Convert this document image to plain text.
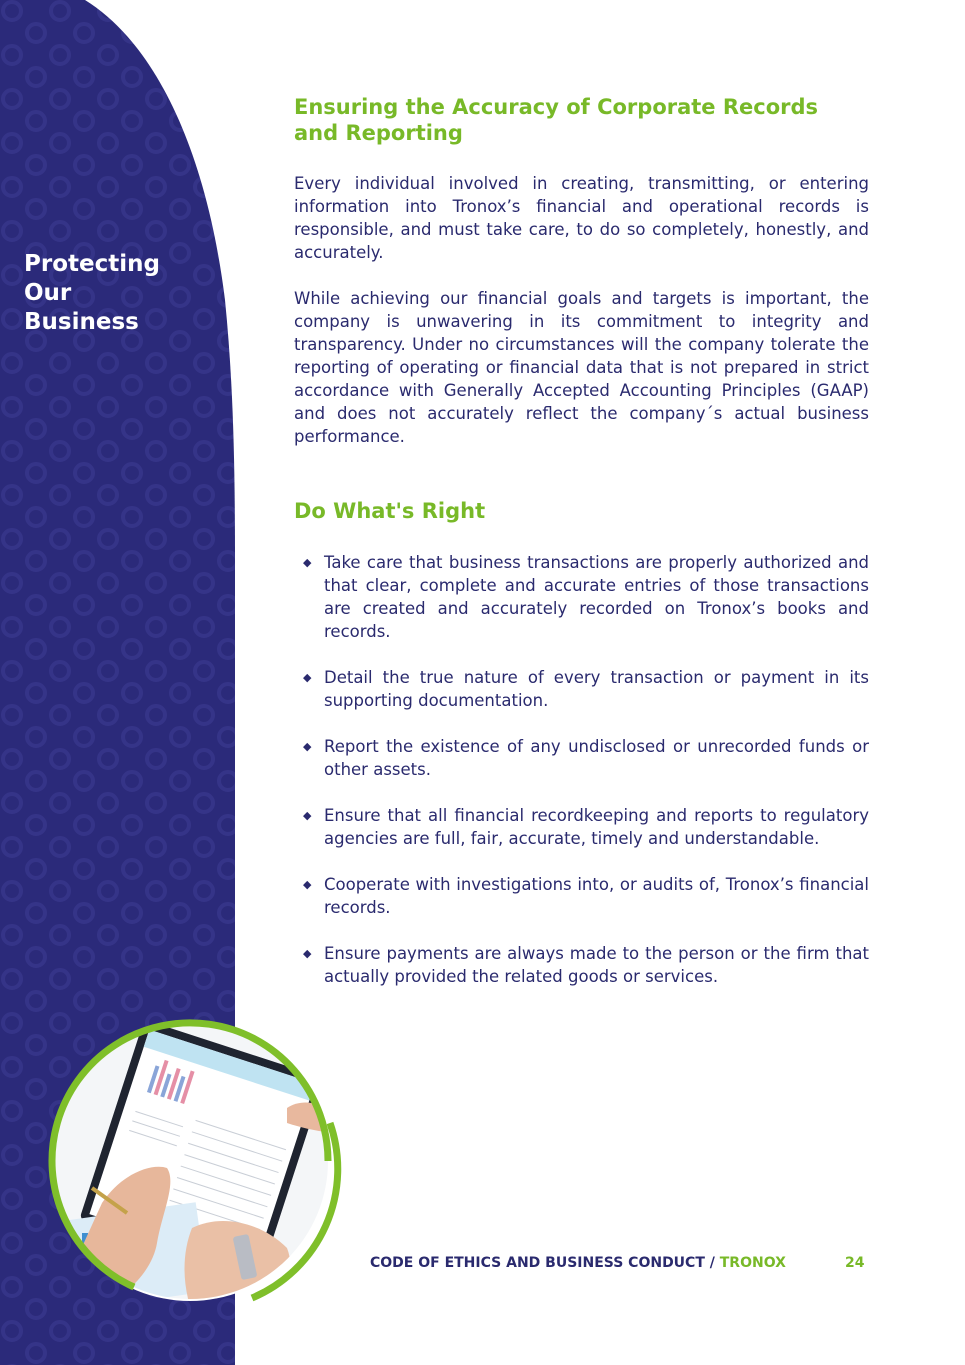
Protecting
Our
Business
Ensuring the Accuracy of Corporate Records and Reporting

Every individual involved in creating, transmitting, or entering information into Tronox’s financial and operational records is responsible, and must take care, to do so completely, honestly, and accurately.

While achieving our financial goals and targets is important, the company is unwavering in its commitment to integrity and transparency. Under no circumstances will the company tolerate the reporting of operating or financial data that is not prepared in strict accordance with Generally Accepted Accounting Principles (GAAP) and does not accurately reflect the company´s actual business performance.

Do What's Right
◆ Take care that business transactions are properly authorized and that clear, complete and accurate entries of those transactions are created and accurately recorded on Tronox’s books and records.
◆ Detail the true nature of every transaction or payment in its supporting documentation.
◆ Report the existence of any undisclosed or unrecorded funds or other assets.
◆ Ensure that all financial recordkeeping and reports to regulatory agencies are full, fair, accurate, timely and understandable.
◆ Cooperate with investigations into, or audits of, Tronox’s financial records.
◆ Ensure payments are always made to the person or the firm that actually provided the related goods or services.
CODE OF ETHICS AND BUSINESS CONDUCT / TRONOX	24
